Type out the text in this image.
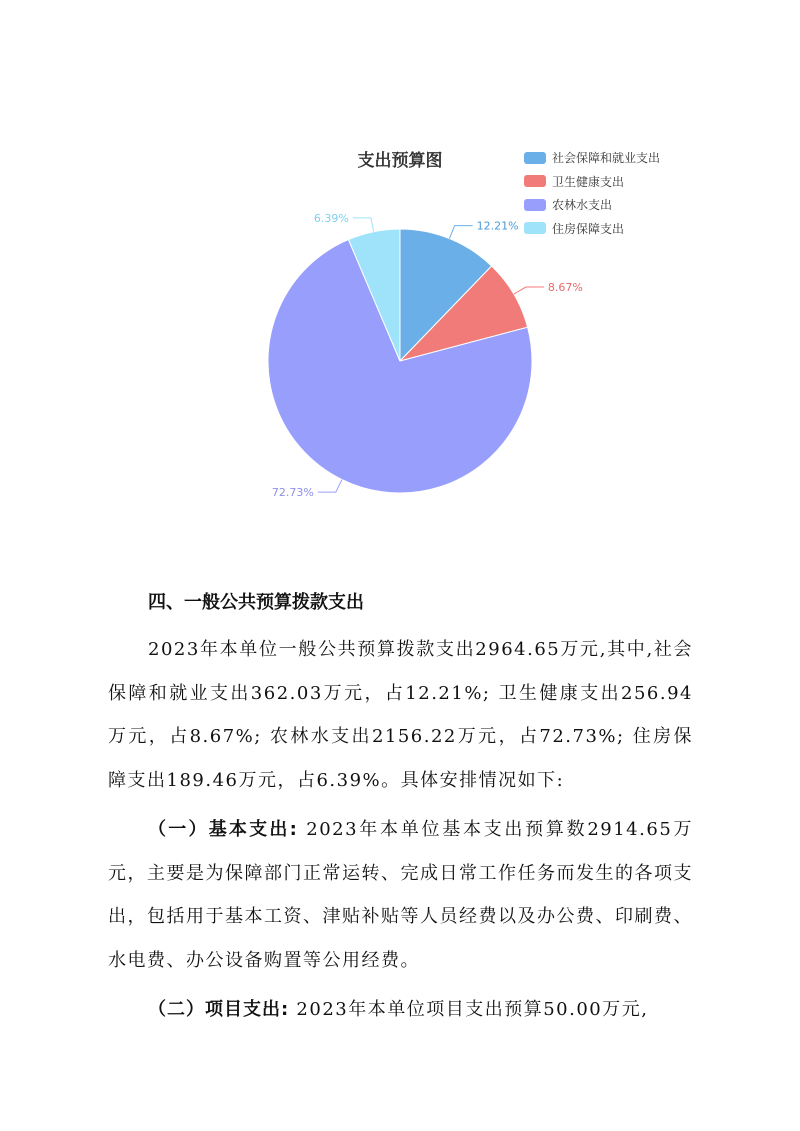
12.21%
8.67%
72.73%
6.39%
支出预算图	社会保障和就业支出
卫生健康支出
农林水支出
住房保障支出
四、一般公共预算拨款支出

2023年本单位一般公共预算拨款支出2964.65万元,其中,社会保障和就业支出362.03万元，占12.21%; 卫生健康支出256.94万元，占8.67%; 农林水支出2156.22万元，占72.73%; 住房保障支出189.46万元，占6.39%。具体安排情况如下:

（一）基本支出: 2023年本单位基本支出预算数2914.65万元，主要是为保障部门正常运转、完成日常工作任务而发生的各项支出，包括用于基本工资、津贴补贴等人员经费以及办公费、印刷费、水电费、办公设备购置等公用经费。

（二）项目支出: 2023年本单位项目支出预算50.00万元,
